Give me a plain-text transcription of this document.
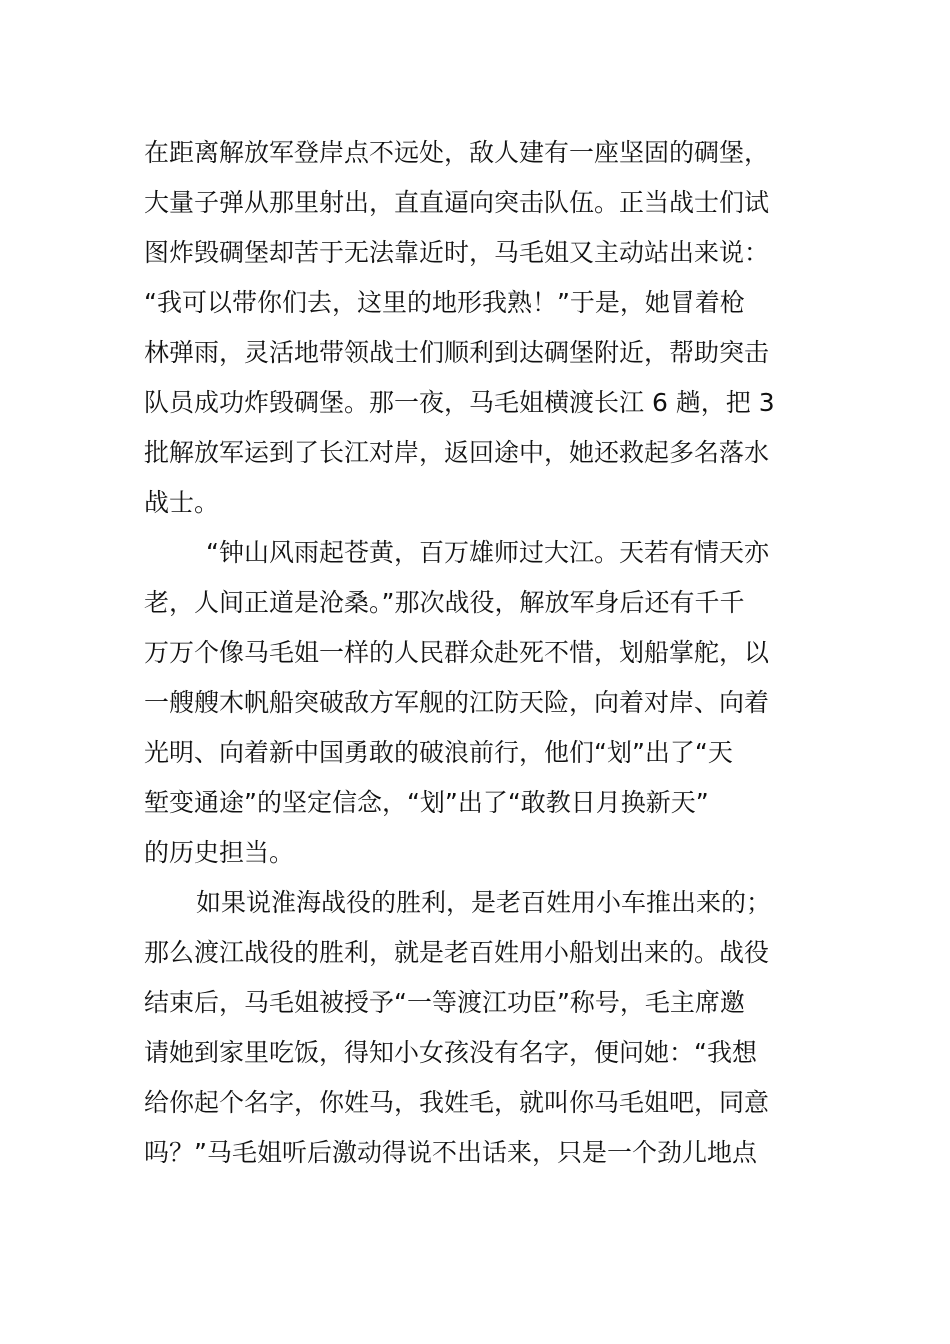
在距离解放军登岸点不远处，敌人建有一座坚固的碉堡，
大量子弹从那里射出，直直逼向突击队伍。正当战士们试
图炸毁碉堡却苦于无法靠近时，马毛姐又主动站出来说：
“我可以带你们去，这里的地形我熟！”于是，她冒着枪
林弹雨，灵活地带领战士们顺利到达碉堡附近，帮助突击
队员成功炸毁碉堡。那一夜，马毛姐横渡长江 6 趟，把 3
批解放军运到了长江对岸，返回途中，她还救起多名落水
战士。
“钟山风雨起苍黄，百万雄师过大江。天若有情天亦
老，人间正道是沧桑。”那次战役，解放军身后还有千千
万万个像马毛姐一样的人民群众赴死不惜，划船掌舵，以
一艘艘木帆船突破敌方军舰的江防天险，向着对岸、向着
光明、向着新中国勇敢的破浪前行，他们“划”出了“天
堑变通途”的坚定信念，“划”出了“敢教日月换新天”
的历史担当。
如果说淮海战役的胜利，是老百姓用小车推出来的；
那么渡江战役的胜利，就是老百姓用小船划出来的。战役
结束后，马毛姐被授予“一等渡江功臣”称号，毛主席邀
请她到家里吃饭，得知小女孩没有名字，便问她：“我想
给你起个名字，你姓马，我姓毛，就叫你马毛姐吧，同意
吗？”马毛姐听后激动得说不出话来，只是一个劲儿地点
